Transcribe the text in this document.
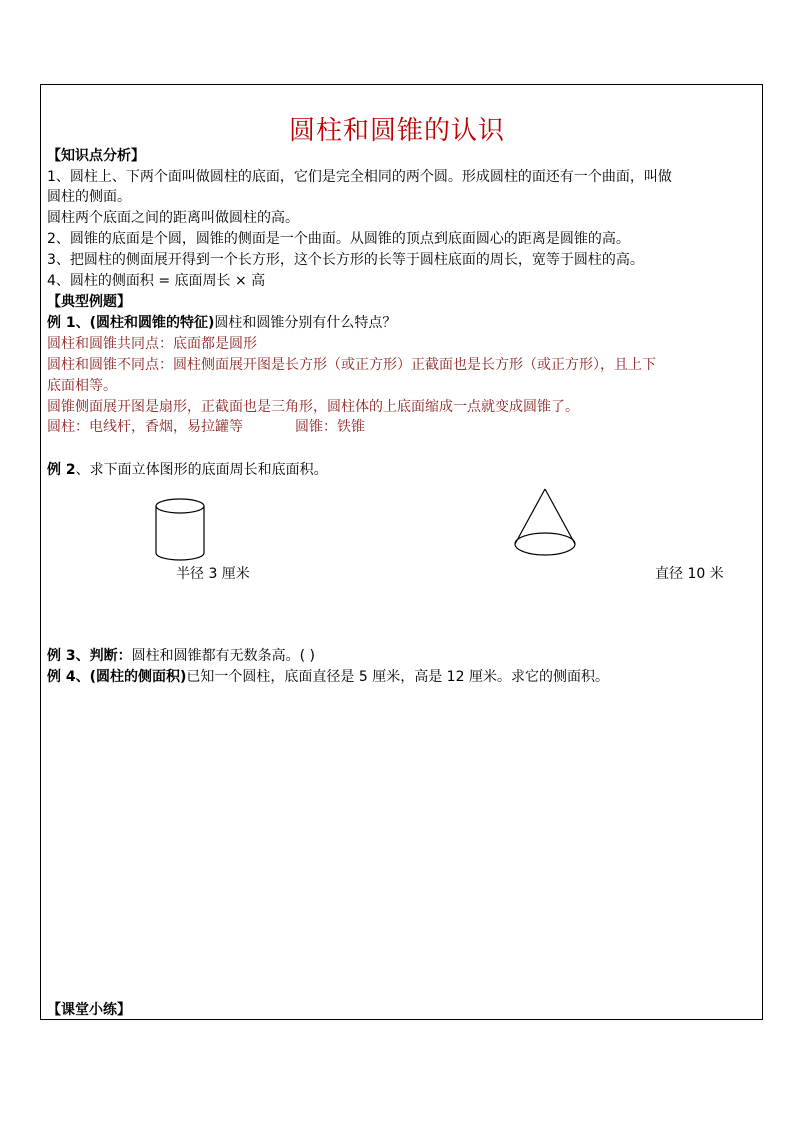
圆柱和圆锥的认识
【知识点分析】
1、圆柱上、下两个面叫做圆柱的底面，它们是完全相同的两个圆。形成圆柱的面还有一个曲面，叫做
圆柱的侧面。
圆柱两个底面之间的距离叫做圆柱的高。
2、圆锥的底面是个圆，圆锥的侧面是一个曲面。从圆锥的顶点到底面圆心的距离是圆锥的高。
3、把圆柱的侧面展开得到一个长方形，这个长方形的长等于圆柱底面的周长，宽等于圆柱的高。
4、圆柱的侧面积 = 底面周长 × 高
【典型例题】
例 1、(圆柱和圆锥的特征)圆柱和圆锥分别有什么特点？
圆柱和圆锥共同点：底面都是圆形
圆柱和圆锥不同点：圆柱侧面展开图是长方形（或正方形）正截面也是长方形（或正方形），且上下
底面相等。
圆锥侧面展开图是扇形，正截面也是三角形，圆柱体的上底面缩成一点就变成圆锥了。
圆柱：电线杆，香烟，易拉罐等	圆锥：铁锥
例 2、求下面立体图形的底面周长和底面积。
半径 3 厘米	直径 10 米
例 3、判断：圆柱和圆锥都有无数条高。( )
例 4、(圆柱的侧面积)已知一个圆柱，底面直径是 5 厘米，高是 12 厘米。求它的侧面积。
【课堂小练】
